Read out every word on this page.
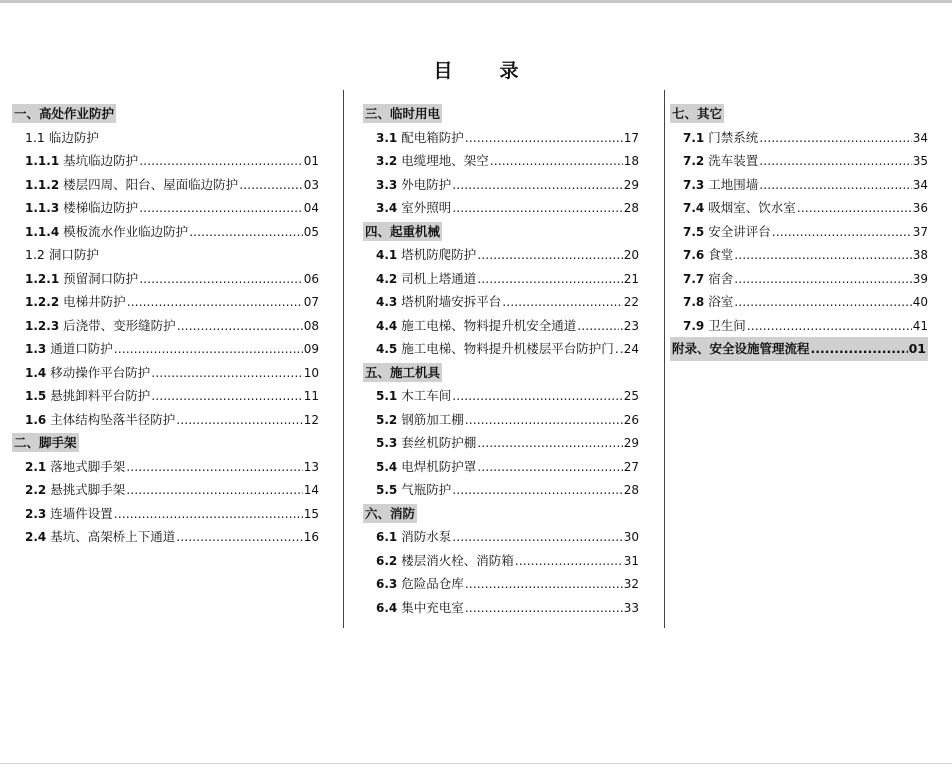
目　录
一、高处作业防护
1.1 临边防护
1.1.1 基坑临边防护 .....	01
1.1.2 楼层四周、阳台、屋面临边防护 .....	03
1.1.3 楼梯临边防护 .....	04
1.1.4 模板流水作业临边防护 .....	05
1.2 洞口防护
1.2.1 预留洞口防护 .....	06
1.2.2 电梯井防护 .....	07
1.2.3 后浇带、变形缝防护 .....	08
1.3 通道口防护 .....	09
1.4 移动操作平台防护 .....	10
1.5 悬挑卸料平台防护 .....	11
1.6 主体结构坠落半径防护 .....	12
二、脚手架
2.1 落地式脚手架 .....	13
2.2 悬挑式脚手架 .....	14
2.3 连墙件设置 .....	15
2.4 基坑、高架桥上下通道 .....	16
三、临时用电
3.1 配电箱防护 .....	17
3.2 电缆埋地、架空 .....	18
3.3 外电防护 .....	29
3.4 室外照明 .....	28
四、起重机械
4.1 塔机防爬防护 .....	20
4.2 司机上塔通道 .....	21
4.3 塔机附墙安拆平台 .....	22
4.4 施工电梯、物料提升机安全通道 .....	.23
4.5 施工电梯、物料提升机楼层平台防护门 ..... .24
五、施工机具
5.1 木工车间 .....	25
5.2 钢筋加工棚 .....	26
5.3 套丝机防护棚 .....	29
5.4 电焊机防护罩 .....	27
5.5 气瓶防护 .....	28
六、消防
6.1 消防水泵 .....	30
6.2 楼层消火栓、消防箱 .....	31
6.3 危险品仓库 .....	32
6.4 集中充电室 .....	33
七、其它
7.1 门禁系统 .....	34
7.2 洗车装置 .....	35
7.3 工地围墙 .....	34
7.4 吸烟室、饮水室 .....	36
7.5 安全讲评台 .....	37
7.6 食堂 .....	38
7.7 宿舍 .....	39
7.8 浴室 .....	40
7.9 卫生间 .....	41
附录、安全设施管理流程 .....	01
